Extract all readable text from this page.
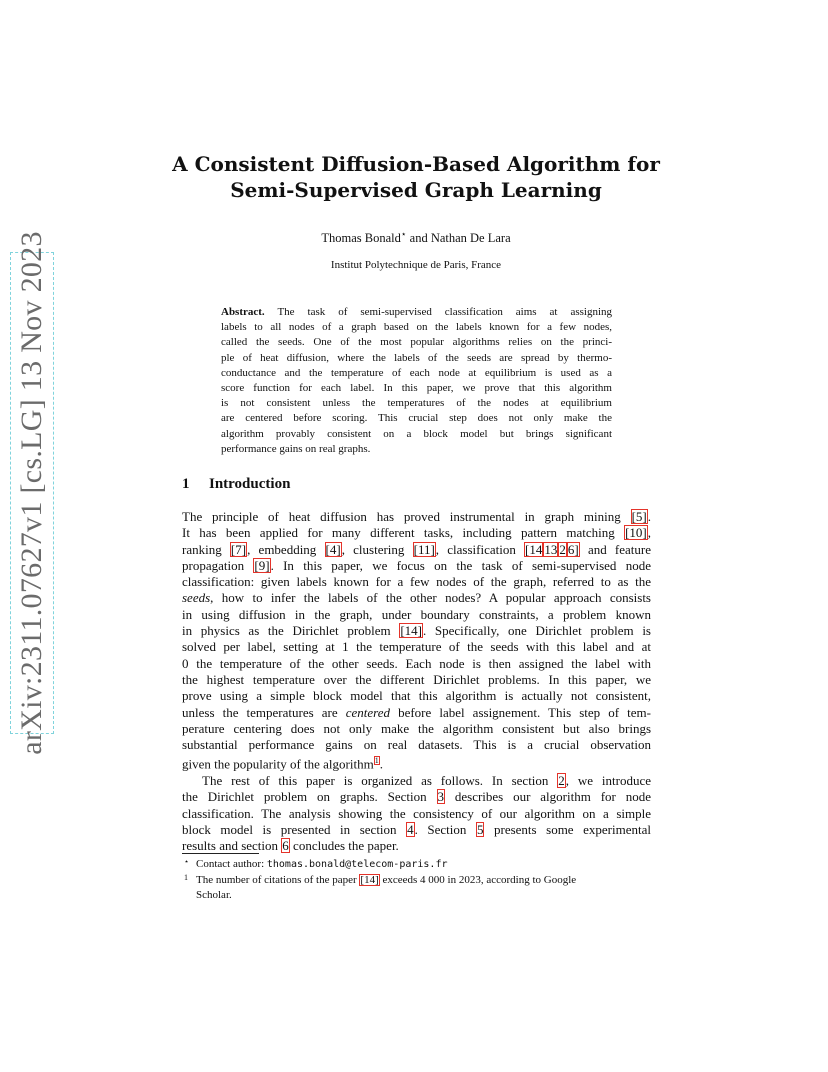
arXiv:2311.07627v1 [cs.LG] 13 Nov 2023
A Consistent Diffusion-Based Algorithm for
Semi-Supervised Graph Learning
Thomas Bonald⋆ and Nathan De Lara
Institut Polytechnique de Paris, France
Abstract. The task of semi-supervised classification aims at assigning
labels to all nodes of a graph based on the labels known for a few nodes,
called the seeds. One of the most popular algorithms relies on the princi-
ple of heat diffusion, where the labels of the seeds are spread by thermo-
conductance and the temperature of each node at equilibrium is used as a
score function for each label. In this paper, we prove that this algorithm
is not consistent unless the temperatures of the nodes at equilibrium
are centered before scoring. This crucial step does not only make the
algorithm provably consistent on a block model but brings significant
performance gains on real graphs.
1 Introduction
The principle of heat diffusion has proved instrumental in graph mining [5].
It has been applied for many different tasks, including pattern matching [10],
ranking [7], embedding [4], clustering [11], classification [14 13 2 6] and feature
propagation [9]. In this paper, we focus on the task of semi-supervised node
classification: given labels known for a few nodes of the graph, referred to as the
seeds, how to infer the labels of the other nodes? A popular approach consists
in using diffusion in the graph, under boundary constraints, a problem known
in physics as the Dirichlet problem [14]. Specifically, one Dirichlet problem is
solved per label, setting at 1 the temperature of the seeds with this label and at
0 the temperature of the other seeds. Each node is then assigned the label with
the highest temperature over the different Dirichlet problems. In this paper, we
prove using a simple block model that this algorithm is actually not consistent,
unless the temperatures are centered before label assignement. This step of tem-
perature centering does not only make the algorithm consistent but also brings
substantial performance gains on real datasets. This is a crucial observation
given the popularity of the algorithm$^1$.
The rest of this paper is organized as follows. In section 2, we introduce
the Dirichlet problem on graphs. Section 3 describes our algorithm for node
classification. The analysis showing the consistency of our algorithm on a simple
block model is presented in section 4. Section 5 presents some experimental
results and section 6 concludes the paper.
⋆ Contact author: thomas.bonald@telecom-paris.fr
1 The number of citations of the paper [14] exceeds 4 000 in 2023, according to Google
Scholar.
